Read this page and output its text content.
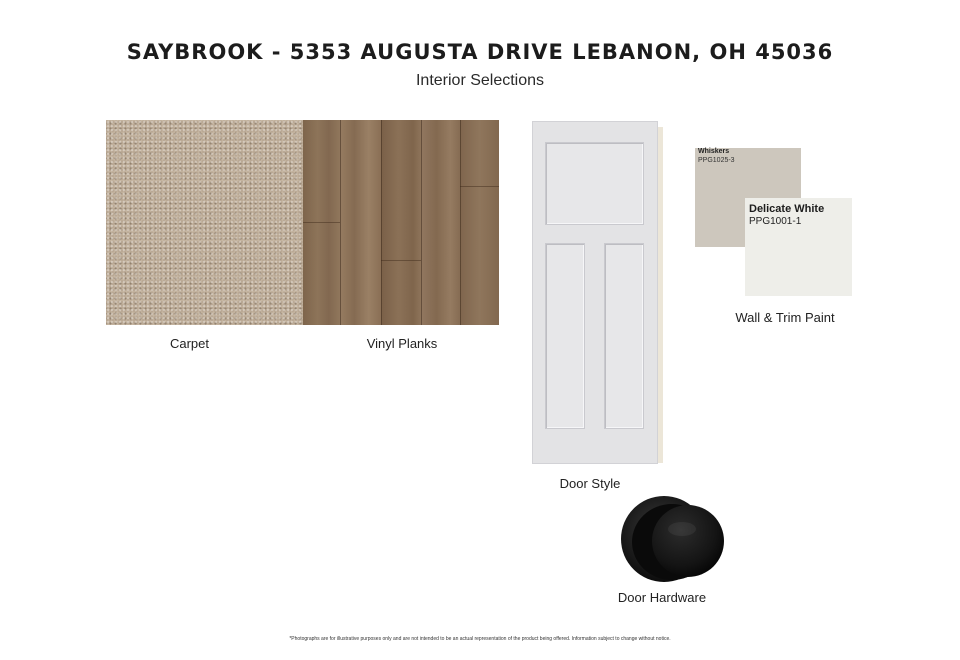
SAYBROOK - 5353 AUGUSTA DRIVE LEBANON, OH 45036
Interior Selections
Carpet	Vinyl Planks
Door Style
Whiskers
PPG1025-3
Delicate White
PPG1001-1
Wall & Trim Paint
Door Hardware
*Photographs are for illustrative purposes only and are not intended to be an actual representation of the product being offered. Information subject to change without notice.
